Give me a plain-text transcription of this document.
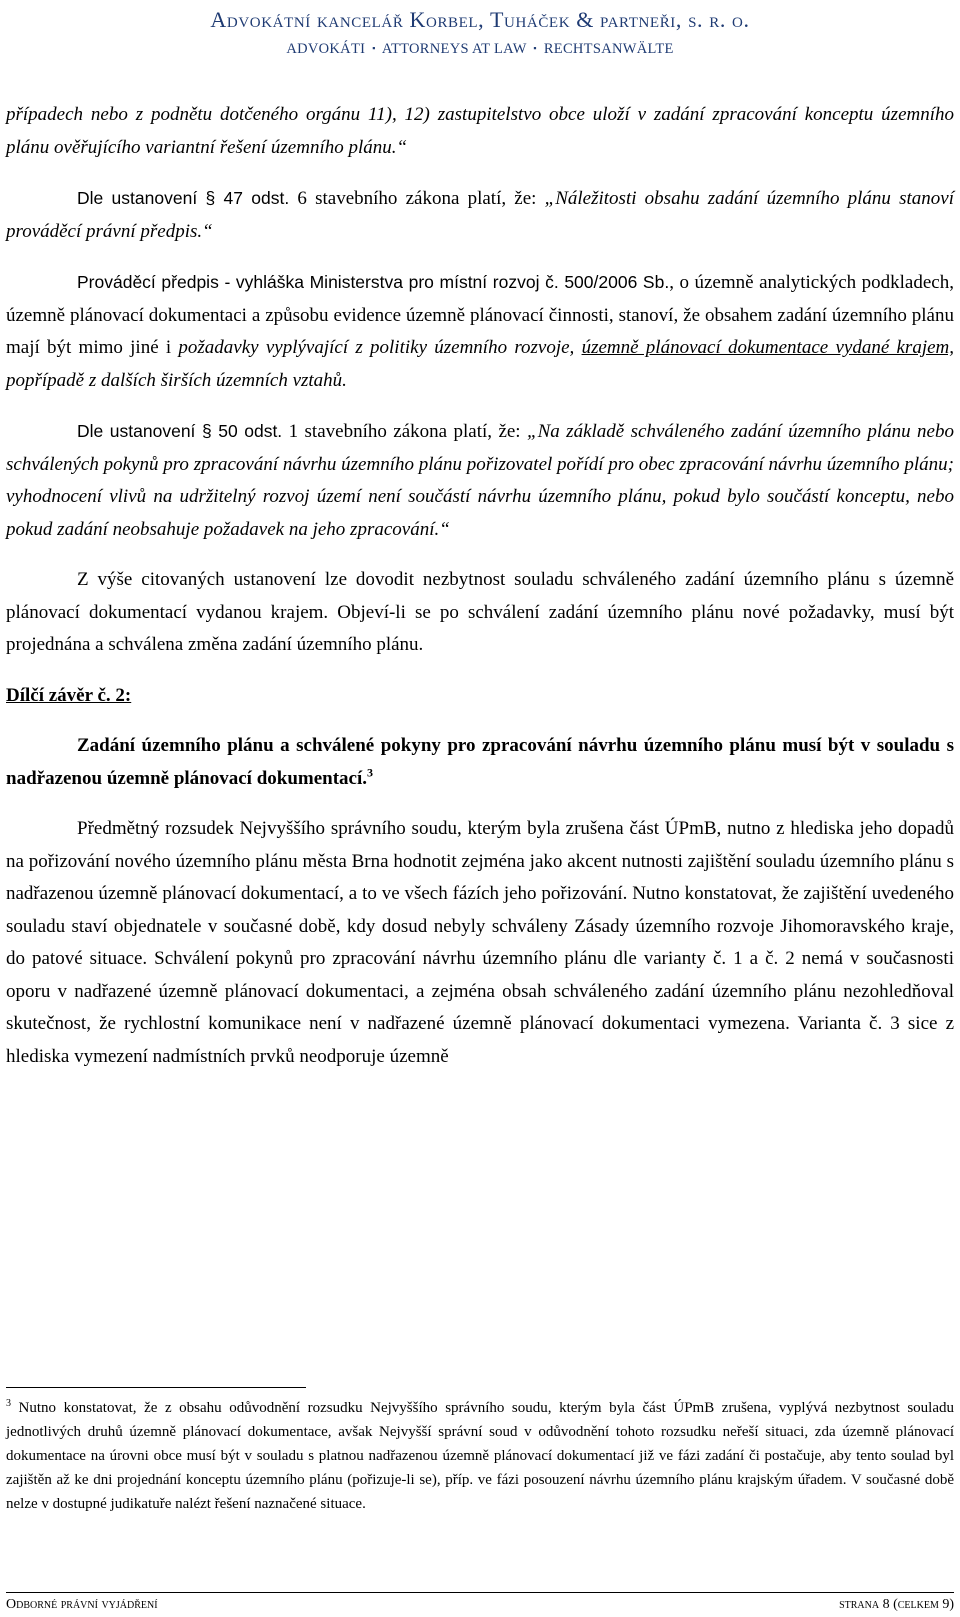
Advokátní kancelář Korbel, Tuháček & partneři, s. r. o.
ADVOKÁTI ▪ ATTORNEYS AT LAW ▪ RECHTSANWÄLTE

případech nebo z podnětu dotčeného orgánu 11), 12) zastupitelstvo obce uloží v zadání zpracování konceptu územního plánu ověřujícího variantní řešení územního plánu.“

Dle ustanovení § 47 odst. 6 stavebního zákona platí, že: „Náležitosti obsahu zadání územního plánu stanoví prováděcí právní předpis.“

Prováděcí předpis - vyhláška Ministerstva pro místní rozvoj č. 500/2006 Sb., o územně analytických podkladech, územně plánovací dokumentaci a způsobu evidence územně plánovací činnosti, stanoví, že obsahem zadání územního plánu mají být mimo jiné i požadavky vyplývající z politiky územního rozvoje, územně plánovací dokumentace vydané krajem, popřípadě z dalších širších územních vztahů.

Dle ustanovení § 50 odst. 1 stavebního zákona platí, že: „Na základě schváleného zadání územního plánu nebo schválených pokynů pro zpracování návrhu územního plánu pořizovatel pořídí pro obec zpracování návrhu územního plánu; vyhodnocení vlivů na udržitelný rozvoj území není součástí návrhu územního plánu, pokud bylo součástí konceptu, nebo pokud zadání neobsahuje požadavek na jeho zpracování.“

Z výše citovaných ustanovení lze dovodit nezbytnost souladu schváleného zadání územního plánu s územně plánovací dokumentací vydanou krajem. Objeví-li se po schválení zadání územního plánu nové požadavky, musí být projednána a schválena změna zadání územního plánu.

Dílčí závěr č. 2:

Zadání územního plánu a schválené pokyny pro zpracování návrhu územního plánu musí být v souladu s nadřazenou územně plánovací dokumentací.$^3$

Předmětný rozsudek Nejvyššího správního soudu, kterým byla zrušena část ÚPmB, nutno z hlediska jeho dopadů na pořizování nového územního plánu města Brna hodnotit zejména jako akcent nutnosti zajištění souladu územního plánu s nadřazenou územně plánovací dokumentací, a to ve všech fázích jeho pořizování. Nutno konstatovat, že zajištění uvedeného souladu staví objednatele v současné době, kdy dosud nebyly schváleny Zásady územního rozvoje Jihomoravského kraje, do patové situace. Schválení pokynů pro zpracování návrhu územního plánu dle varianty č. 1 a č. 2 nemá v současnosti oporu v nadřazené územně plánovací dokumentaci, a zejména obsah schváleného zadání územního plánu nezohledňoval skutečnost, že rychlostní komunikace není v nadřazené územně plánovací dokumentaci vymezena. Varianta č. 3 sice z hlediska vymezení nadmístních prvků neodporuje územně

$^3$ Nutno konstatovat, že z obsahu odůvodnění rozsudku Nejvyššího správního soudu, kterým byla část ÚPmB zrušena, vyplývá nezbytnost souladu jednotlivých druhů územně plánovací dokumentace, avšak Nejvyšší správní soud v odůvodnění tohoto rozsudku neřeší situaci, zda územně plánovací dokumentace na úrovni obce musí být v souladu s platnou nadřazenou územně plánovací dokumentací již ve fázi zadání či postačuje, aby tento soulad byl zajištěn až ke dni projednání konceptu územního plánu (pořizuje-li se), příp. ve fázi posouzení návrhu územního plánu krajským úřadem. V současné době nelze v dostupné judikatuře nalézt řešení naznačené situace.

Odborné právní vyjádření	strana 8 (celkem 9)
